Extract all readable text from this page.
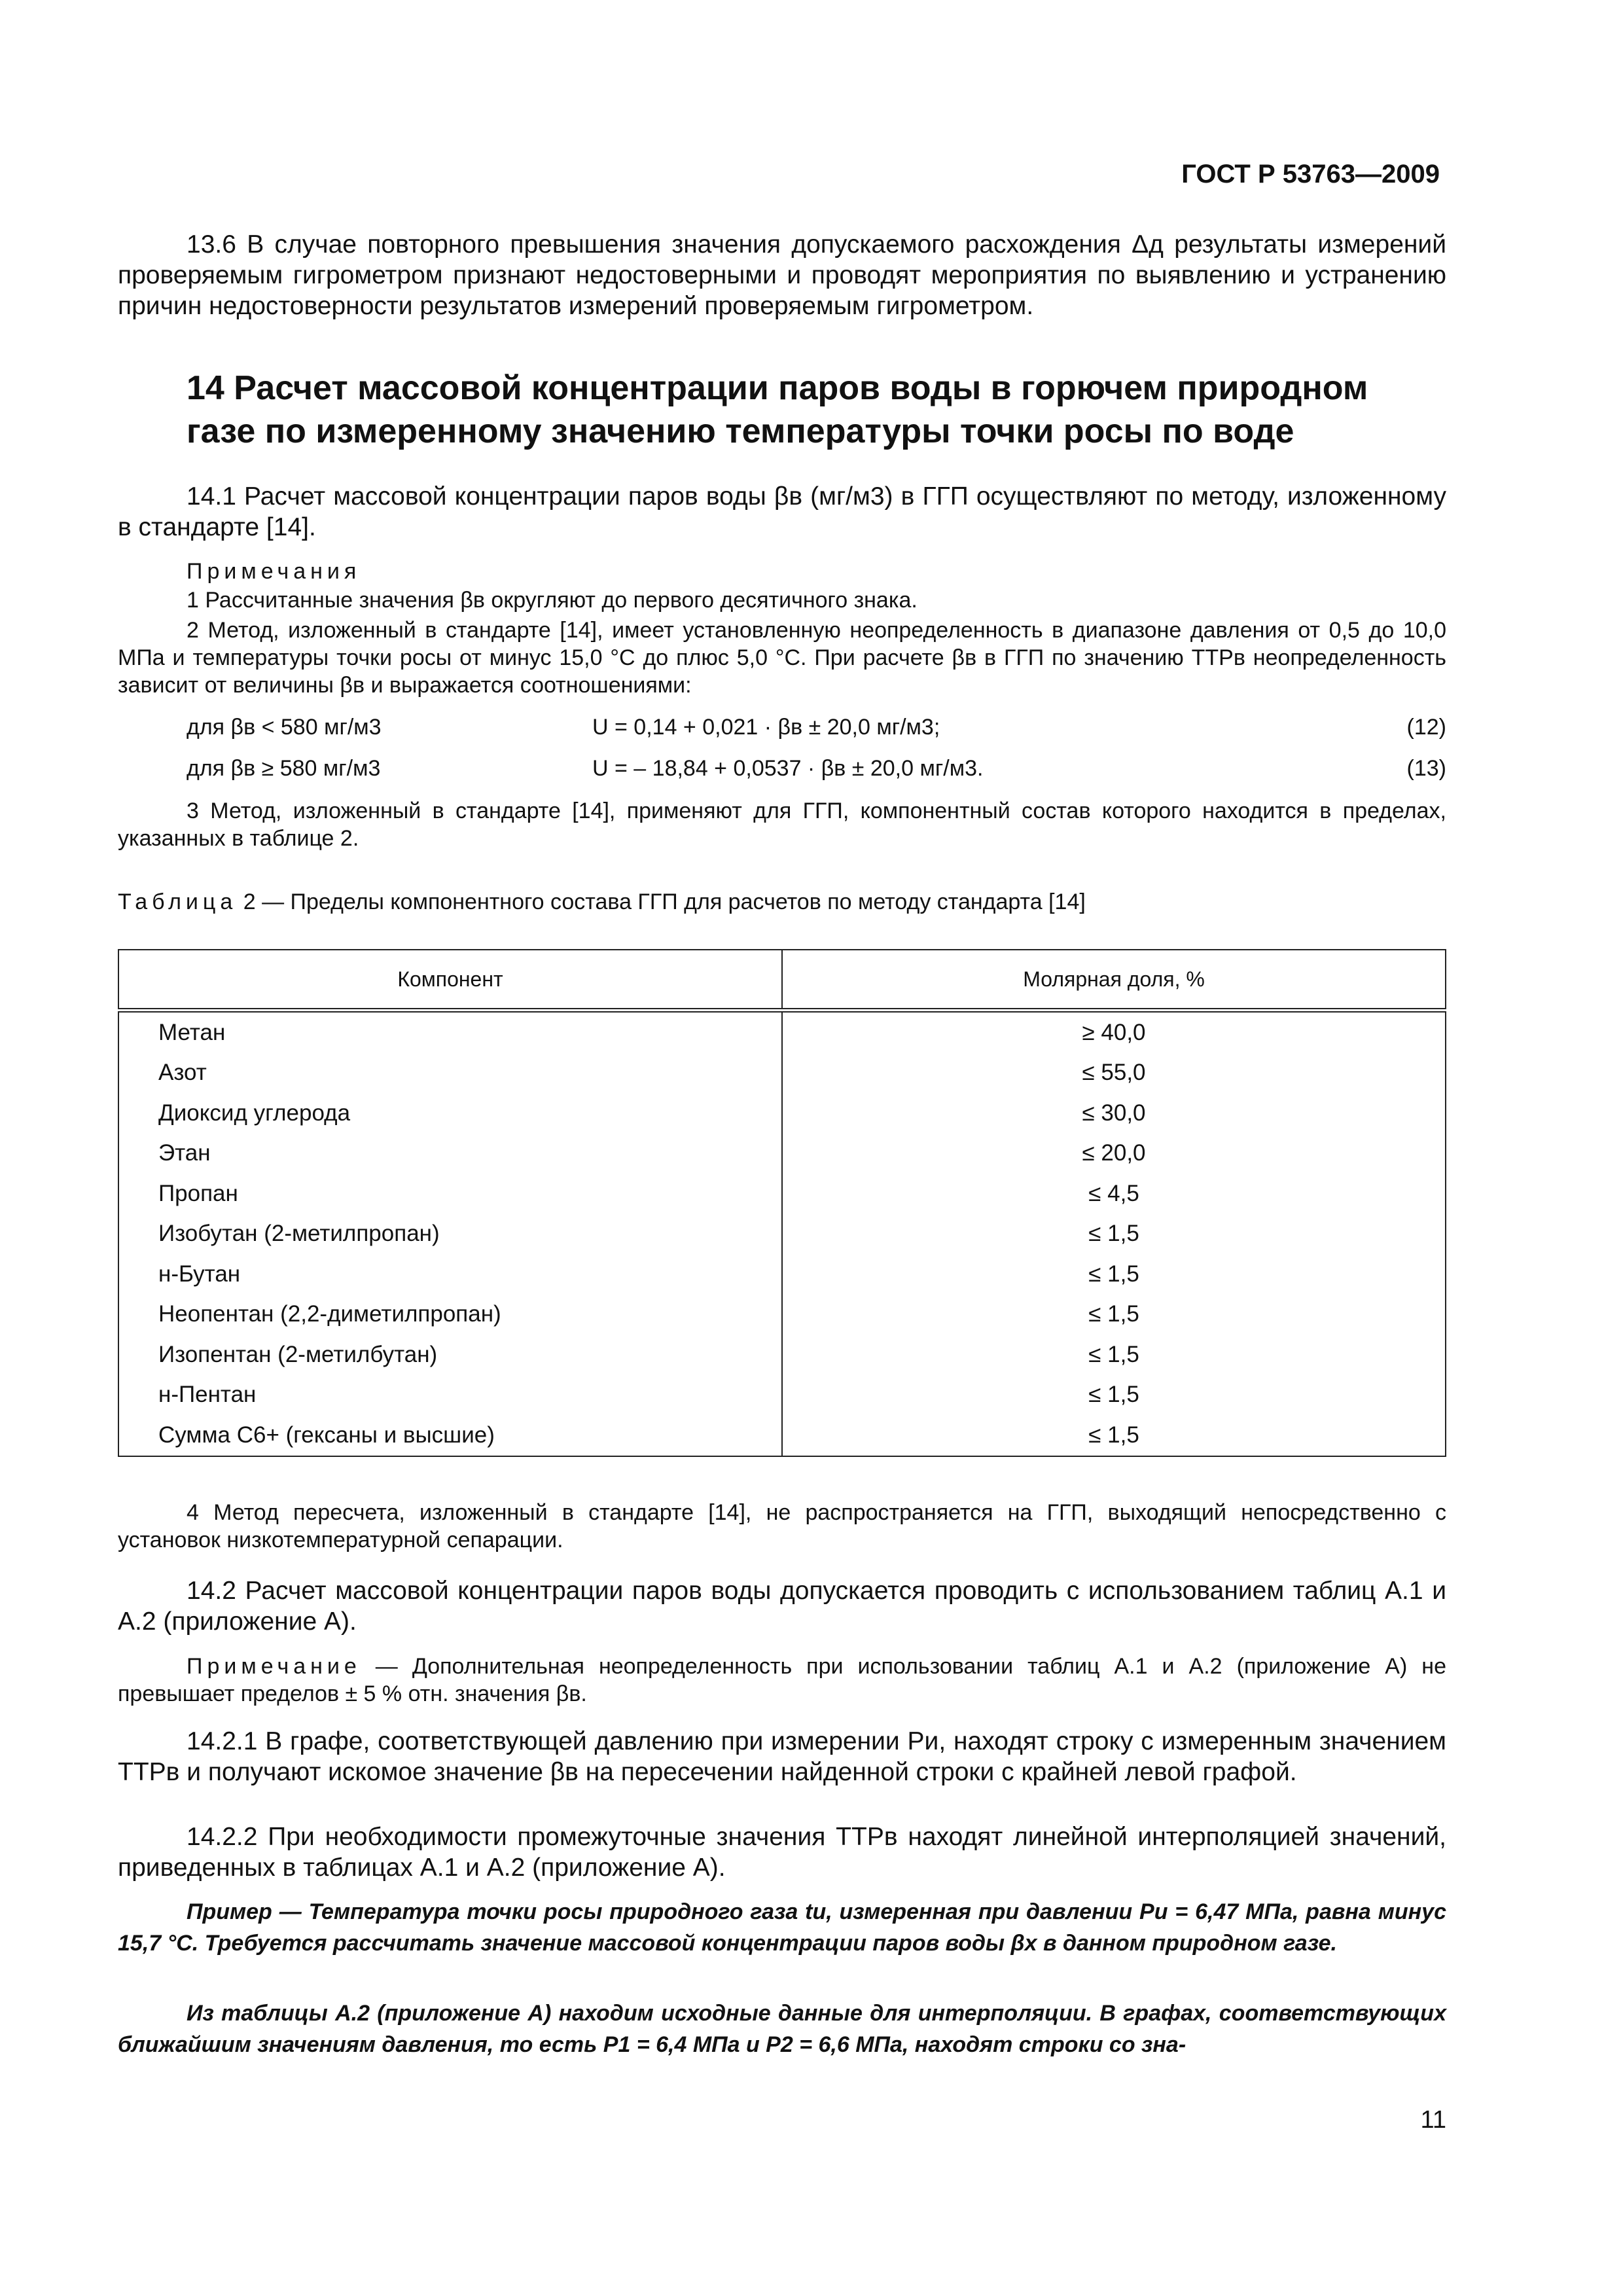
ГОСТ Р 53763—2009
13.6 В случае повторного превышения значения допускаемого расхождения Δд результаты измерений проверяемым гигрометром признают недостоверными и проводят мероприятия по выявлению и устранению причин недостоверности результатов измерений проверяемым гигрометром.
14 Расчет массовой концентрации паров воды в горючем природном газе по измеренному значению температуры точки росы по воде
14.1 Расчет массовой концентрации паров воды βв (мг/м3) в ГГП осуществляют по методу, изложенному в стандарте [14].
Примечания
1 Рассчитанные значения βв округляют до первого десятичного знака.
2 Метод, изложенный в стандарте [14], имеет установленную неопределенность в диапазоне давления от 0,5 до 10,0 МПа и температуры точки росы от минус 15,0 °С до плюс 5,0 °С. При расчете βв в ГГП по значению ТТРв неопределенность зависит от величины βв и выражается соотношениями:
для βв < 580 мг/м3	U = 0,14 + 0,021 · βв ± 20,0 мг/м3;	(12)
для βв ≥ 580 мг/м3	U = – 18,84 + 0,0537 · βв ± 20,0 мг/м3.	(13)
3 Метод, изложенный в стандарте [14], применяют для ГГП, компонентный состав которого находится в пределах, указанных в таблице 2.
Таблица 2 — Пределы компонентного состава ГГП для расчетов по методу стандарта [14]
Компонент	Молярная доля, %
Метан	≥ 40,0
Азот	≤ 55,0
Диоксид углерода	≤ 30,0
Этан	≤ 20,0
Пропан	≤ 4,5
Изобутан (2-метилпропан)	≤ 1,5
н-Бутан	≤ 1,5
Неопентан (2,2-диметилпропан)	≤ 1,5
Изопентан (2-метилбутан)	≤ 1,5
н-Пентан	≤ 1,5
Сумма C6+ (гексаны и высшие)	≤ 1,5
4 Метод пересчета, изложенный в стандарте [14], не распространяется на ГГП, выходящий непосредственно с установок низкотемпературной сепарации.
14.2 Расчет массовой концентрации паров воды допускается проводить с использованием таблиц А.1 и А.2 (приложение А).
Примечание — Дополнительная неопределенность при использовании таблиц А.1 и А.2 (приложение А) не превышает пределов ± 5 % отн. значения βв.
14.2.1 В графе, соответствующей давлению при измерении Ри, находят строку с измеренным значением ТТРв и получают искомое значение βв на пересечении найденной строки с крайней левой графой.
14.2.2 При необходимости промежуточные значения ТТРв находят линейной интерполяцией значений, приведенных в таблицах А.1 и А.2 (приложение А).
Пример — Температура точки росы природного газа tи, измеренная при давлении Pи = 6,47 МПа, равна минус 15,7 °С. Требуется рассчитать значение массовой концентрации паров воды βx в данном природном газе.
Из таблицы А.2 (приложение А) находим исходные данные для интерполяции. В графах, соответствующих ближайшим значениям давления, то есть P1 = 6,4 МПа и P2 = 6,6 МПа, находят строки со зна-
11
